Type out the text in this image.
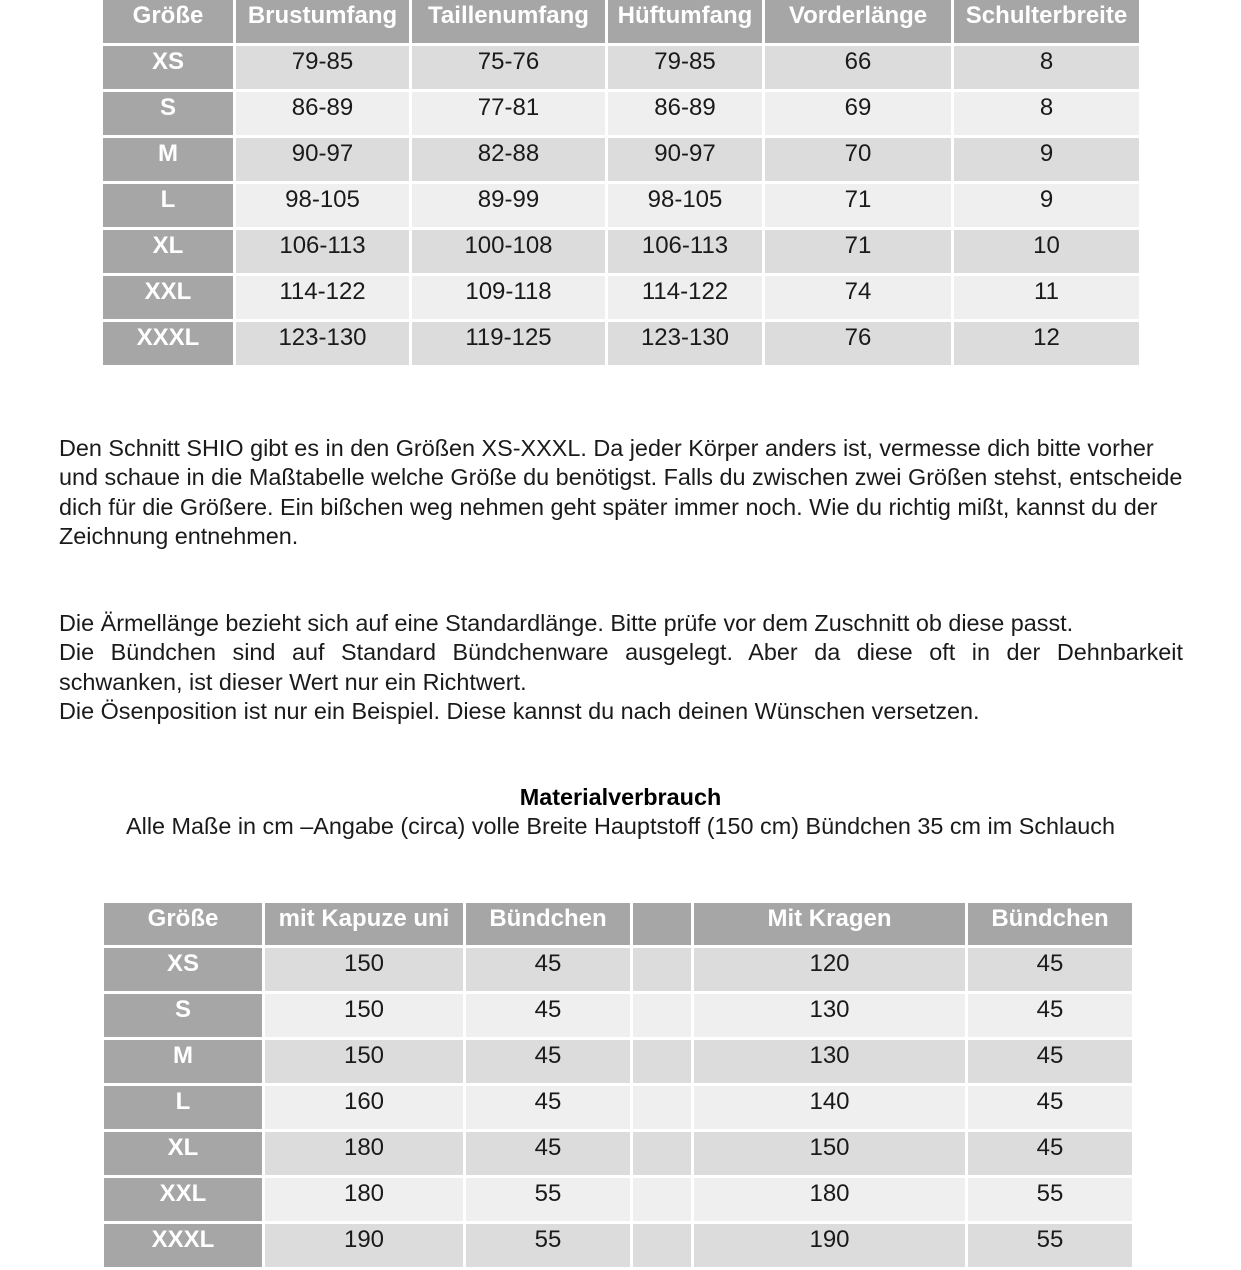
Größe	Brustumfang	Taillenumfang	Hüftumfang	Vorderlänge	Schulterbreite
XS	79-85	75-76	79-85	66	8
S	86-89	77-81	86-89	69	8
M	90-97	82-88	90-97	70	9
L	98-105	89-99	98-105	71	9
XL	106-113	100-108	106-113	71	10
XXL	114-122	109-118	114-122	74	11
XXXL	123-130	119-125	123-130	76	12
Den Schnitt SHIO gibt es in den Größen XS-XXXL. Da jeder Körper anders ist, vermesse dich bitte vorher und schaue in die Maßtabelle welche Größe du benötigst. Falls du zwischen zwei Größen stehst, entscheide dich für die Größere. Ein bißchen weg nehmen geht später immer noch. Wie du richtig mißt, kannst du der Zeichnung entnehmen.
Die Ärmellänge bezieht sich auf eine Standardlänge. Bitte prüfe vor dem Zuschnitt ob diese passt.
Die Bündchen sind auf Standard Bündchenware ausgelegt. Aber da diese oft in der Dehnbarkeit
schwanken, ist dieser Wert nur ein Richtwert.
Die Ösenposition ist nur ein Beispiel. Diese kannst du nach deinen Wünschen versetzen.
Materialverbrauch
Alle Maße in cm –Angabe (circa) volle Breite Hauptstoff (150 cm) Bündchen 35 cm im Schlauch
Größe	mit Kapuze uni	Bündchen		Mit Kragen	Bündchen
XS	150	45		120	45
S	150	45		130	45
M	150	45		130	45
L	160	45		140	45
XL	180	45		150	45
XXL	180	55		180	55
XXXL	190	55		190	55
